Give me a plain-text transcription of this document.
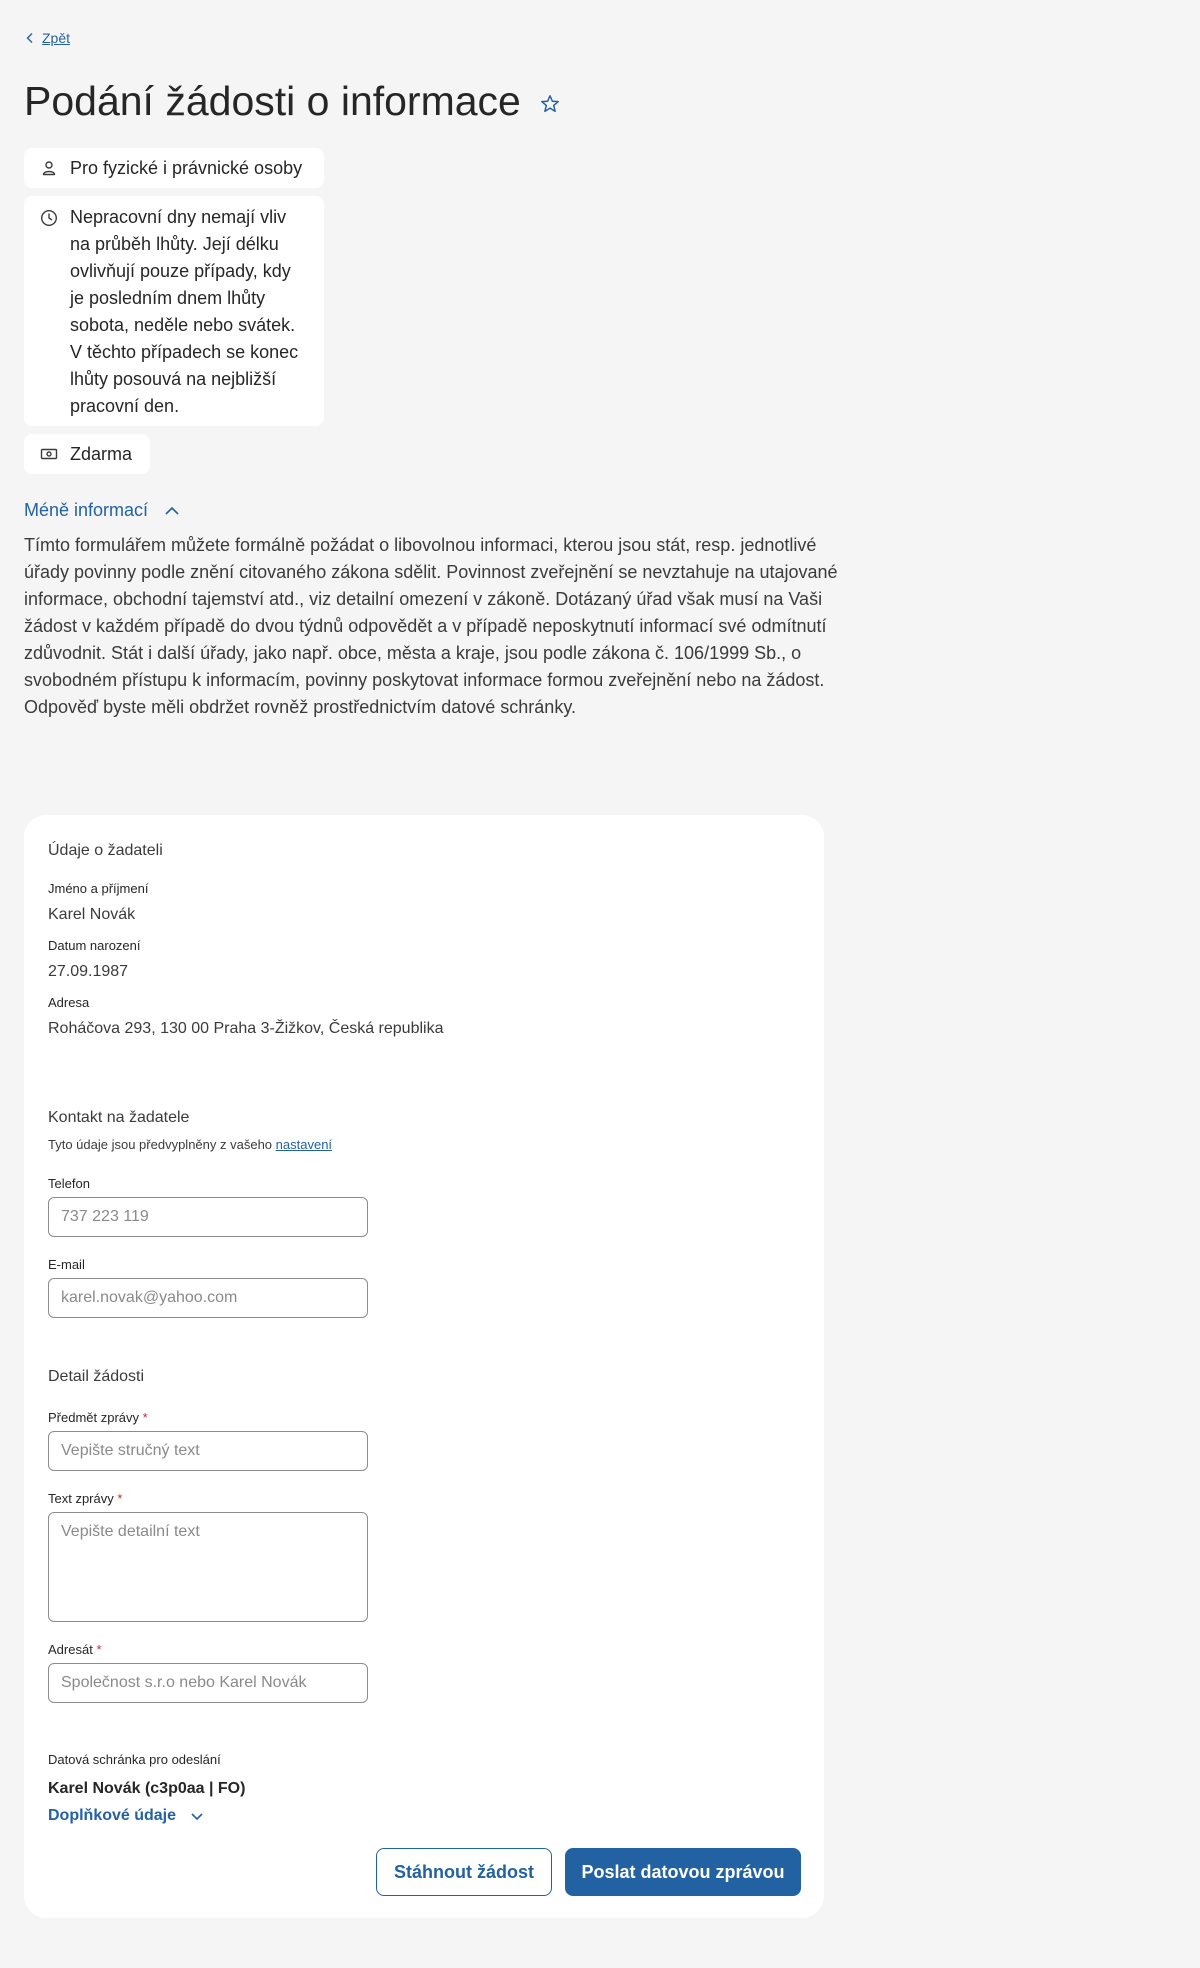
Zpět
Podání žádosti o informace
Pro fyzické i právnické osoby
Nepracovní dny nemají vliv na průběh lhůty. Její délku ovlivňují pouze případy, kdy je posledním dnem lhůty sobota, neděle nebo svátek. V těchto případech se konec lhůty posouvá na nejbližší pracovní den.
Zdarma
Méně informací

Tímto formulářem můžete formálně požádat o libovolnou informaci, kterou jsou stát, resp. jednotlivé úřady povinny podle znění citovaného zákona sdělit. Povinnost zveřejnění se nevztahuje na utajované informace, obchodní tajemství atd., viz detailní omezení v zákoně. Dotázaný úřad však musí na Vaši žádost v každém případě do dvou týdnů odpovědět a v případě neposkytnutí informací své odmítnutí zdůvodnit. Stát i další úřady, jako např. obce, města a kraje, jsou podle zákona č. 106/1999 Sb., o svobodném přístupu k informacím, povinny poskytovat informace formou zveřejnění nebo na žádost. Odpověď byste měli obdržet rovněž prostřednictvím datové schránky.

Údaje o žadateli
Jméno a příjmení
Karel Novák
Datum narození
27.09.1987
Adresa
Roháčova 293, 130 00 Praha 3-Žižkov, Česká republika
Kontakt na žadatele
Tyto údaje jsou předvyplněny z vašeho nastavení
Telefon
737 223 119
E-mail
karel.novak@yahoo.com
Detail žádosti
Předmět zprávy *
Vepište stručný text
Text zprávy *
Vepište detailní text
Adresát *
Společnost s.r.o nebo Karel Novák
Datová schránka pro odeslání
Karel Novák (c3p0aa | FO)
Doplňkové údaje
Stáhnout žádost	Poslat datovou zprávou
